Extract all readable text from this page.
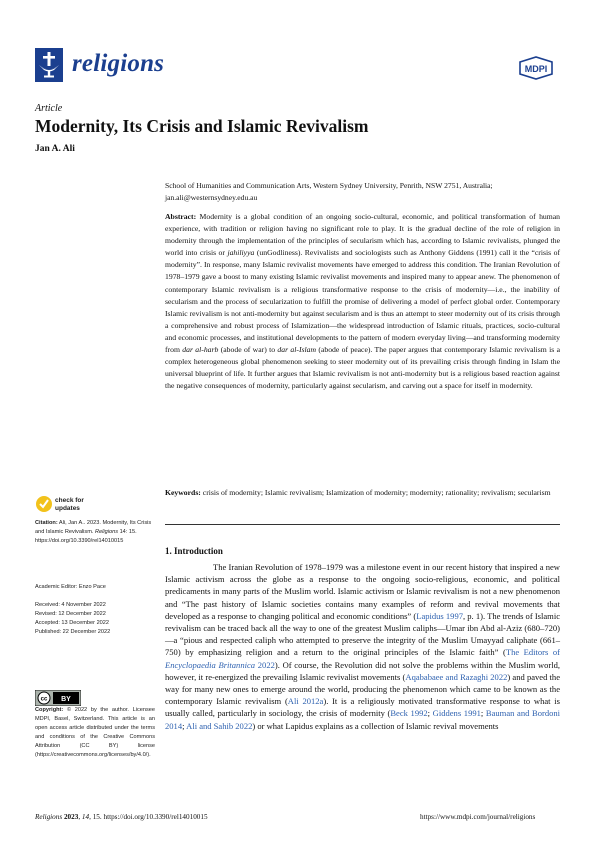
religions	MDPI
Article
Modernity, Its Crisis and Islamic Revivalism
Jan A. Ali
School of Humanities and Communication Arts, Western Sydney University, Penrith, NSW 2751, Australia;
jan.ali@westernsydney.edu.au
Abstract: Modernity is a global condition of an ongoing socio-cultural, economic, and political transformation of human experience, with tradition or religion having no significant role to play. It is the gradual decline of the role of religion in modernity through the implementation of the principles of secularism which has, according to Islamic revivalists, plunged the world into crisis or jahiliyya (unGodliness). Revivalists and sociologists such as Anthony Giddens (1991) call it the “crisis of modernity”. In response, many Islamic revivalist movements have emerged to address this condition. The Iranian Revolution of 1978–1979 gave a boost to many existing Islamic revivalist movements and inspired many to appear anew. The phenomenon of contemporary Islamic revivalism is a religious transformative response to the crisis of modernity—i.e., the inability of secularism and the process of secularization to fulfill the promise of delivering a model of perfect global order. Contemporary Islamic revivalism is not anti-modernity but against secularism and is thus an attempt to steer modernity out of its crisis through a comprehensive and robust process of Islamization—the widespread introduction of Islamic rituals, practices, socio-cultural and economic processes, and institutional developments to the pattern of modern everyday living—and transforming modernity from dar al-harb (abode of war) to dar al-Islam (abode of peace). The paper argues that contemporary Islamic revivalism is a complex heterogeneous global phenomenon seeking to steer modernity out of its prevailing crisis through finding in Islam the universal blueprint of life. It further argues that Islamic revivalism is not anti-modernity but is a religious based reaction against the negative consequences of modernity, particularly against secularism, and carving out a space for itself in modernity.
Keywords: crisis of modernity; Islamic revivalism; Islamization of modernity; modernity; rationality; revivalism; secularism
check for
updates
Citation: Ali, Jan A.. 2023. Modernity, Its Crisis and Islamic Revivalism. Religions 14: 15. https://doi.org/10.3390/rel14010015
Academic Editor: Enzo Pace
Received: 4 November 2022
Revised: 12 December 2022
Accepted: 13 December 2022
Published: 22 December 2022
cc BY
Copyright: © 2022 by the author. Licensee MDPI, Basel, Switzerland. This article is an open access article distributed under the terms and conditions of the Creative Commons Attribution (CC BY) license (https://creativecommons.org/licenses/by/4.0/).
1. Introduction

The Iranian Revolution of 1978–1979 was a milestone event in our recent history that inspired a new Islamic activism across the globe as a response to the ongoing socio-religious, economic, and political predicaments in many parts of the Muslim world. Islamic activism or Islamic revivalism is not a new phenomenon and “The past history of Islamic societies contains many examples of reform and revival movements that developed as a response to changing political and economic conditions” (Lapidus 1997, p. 1). The trends of Islamic revivalism can be traced back all the way to one of the greatest Muslim caliphs—Umar ibn Abd al-Aziz (680–720)—a “pious and respected caliph who attempted to preserve the integrity of the Muslim Umayyad caliphate (661–750) by emphasizing religion and a return to the original principles of the Islamic faith” (The Editors of Encyclopaedia Britannica 2022). Of course, the Revolution did not solve the problems within the Muslim world, however, it re-energized the prevailing Islamic revivalist movements (Aqababaee and Razaghi 2022) and paved the way for many new ones to emerge around the world, producing the phenomenon which came to be known as the contemporary Islamic revivalism (Ali 2012a). It is a religiously motivated transformative response to what is usually called, particularly in sociology, the crisis of modernity (Beck 1992; Giddens 1991; Bauman and Bordoni 2014; Ali and Sahib 2022) or what Lapidus explains as a collection of Islamic revival movements

Religions 2023, 14, 15. https://doi.org/10.3390/rel14010015	https://www.mdpi.com/journal/religions
